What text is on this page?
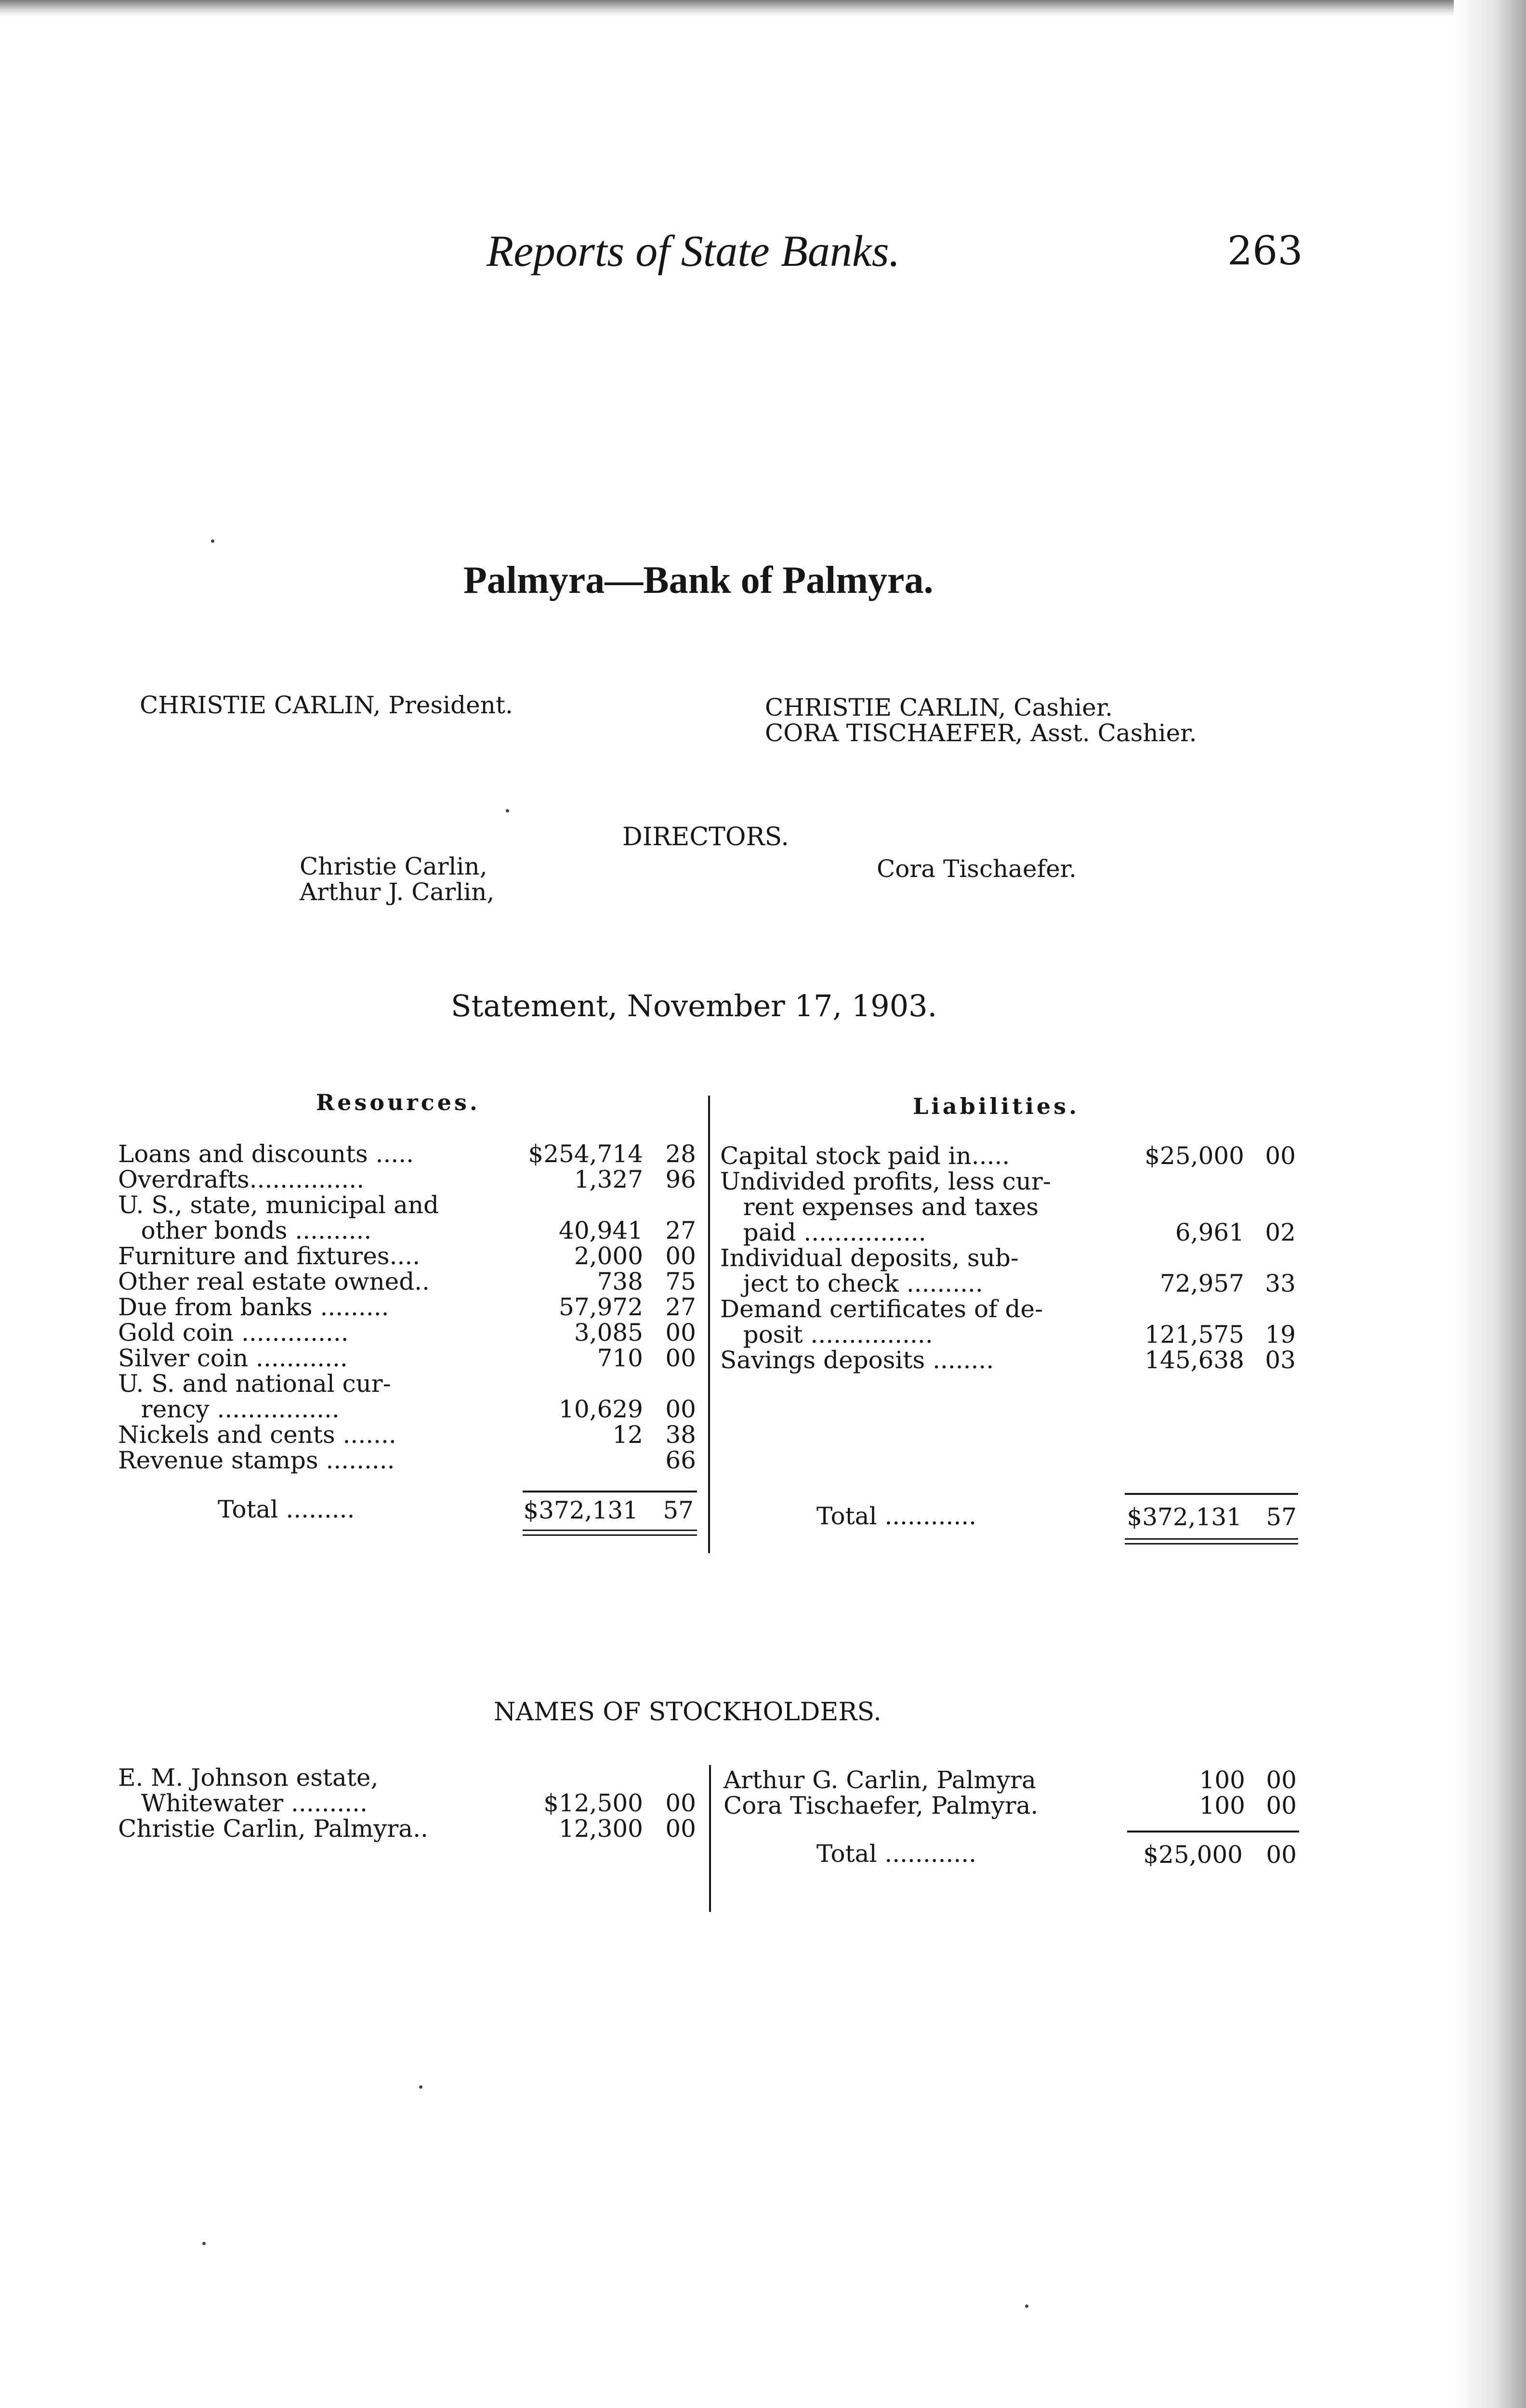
Reports of State Banks.	263
Palmyra—Bank of Palmyra.
CHRISTIE CARLIN, President.	CHRISTIE CARLIN, Cashier.
CORA TISCHAEFER, Asst. Cashier.
DIRECTORS.
Christie Carlin,
Arthur J. Carlin,
Cora Tischaefer.
Statement, November 17, 1903.
Resources.	Liabilities.
Loans and discounts .....	$254,714 28
Overdrafts...............	1,327 96
U. S., state, municipal and
other bonds ..........	40,941 27
Furniture and fixtures....	2,000 00
Other real estate owned..	738 75
Due from banks .........	57,972 27
Gold coin ..............	3,085 00
Silver coin ............	710 00
U. S. and national cur-
rency ................	10,629 00
Nickels and cents .......	12 38
Revenue stamps .........	66
Total .........	$372,131	57
Capital stock paid in.....	$25,000 00
Undivided profits, less cur-
rent expenses and taxes
paid ................	6,961 02
Individual deposits, sub-
ject to check ..........	72,957 33
Demand certificates of de-
posit ................	121,575 19
Savings deposits ........	145,638 03
Total ............	$372,131	57
NAMES OF STOCKHOLDERS.
E. M. Johnson estate,
Whitewater ..........	$12,500 00
Christie Carlin, Palmyra..	12,300 00
Arthur G. Carlin, Palmyra	100 00
Cora Tischaefer, Palmyra.	100 00
Total ............	$25,000 00
